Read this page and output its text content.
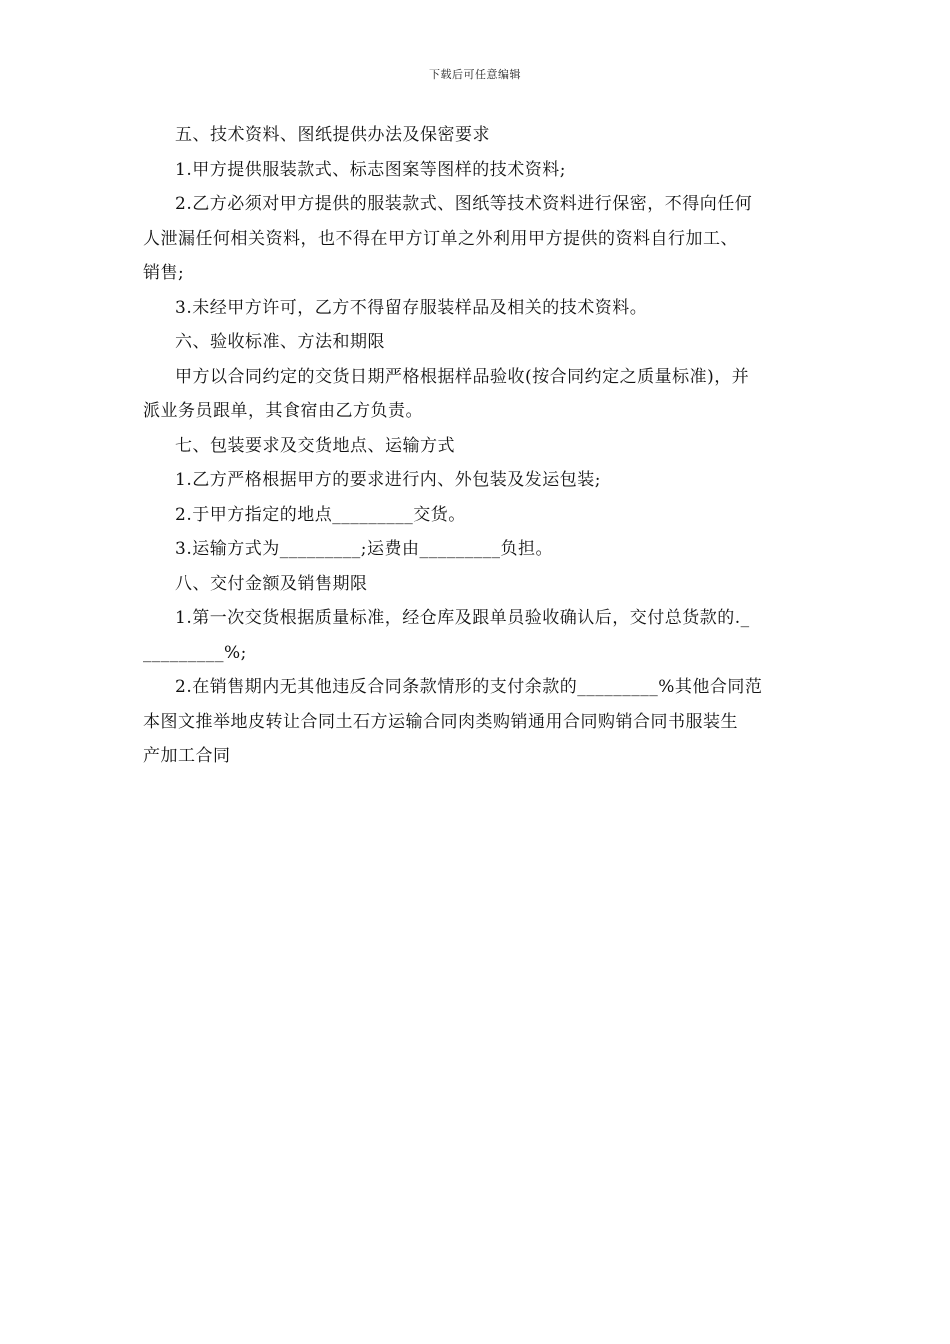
下载后可任意编辑
五、技术资料、图纸提供办法及保密要求
1.甲方提供服装款式、标志图案等图样的技术资料;
2.乙方必须对甲方提供的服装款式、图纸等技术资料进行保密，不得向任何
人泄漏任何相关资料，也不得在甲方订单之外利用甲方提供的资料自行加工、
销售;
3.未经甲方许可，乙方不得留存服装样品及相关的技术资料。
六、验收标准、方法和期限
甲方以合同约定的交货日期严格根据样品验收(按合同约定之质量标准)，并
派业务员跟单，其食宿由乙方负责。
七、包装要求及交货地点、运输方式
1.乙方严格根据甲方的要求进行内、外包装及发运包装;
2.于甲方指定的地点_________交货。
3.运输方式为_________;运费由_________负担。
八、交付金额及销售期限
1.第一次交货根据质量标准，经仓库及跟单员验收确认后，交付总货款的._
_________%;
2.在销售期内无其他违反合同条款情形的支付余款的_________%其他合同范
本图文推举地皮转让合同土石方运输合同肉类购销通用合同购销合同书服装生
产加工合同
